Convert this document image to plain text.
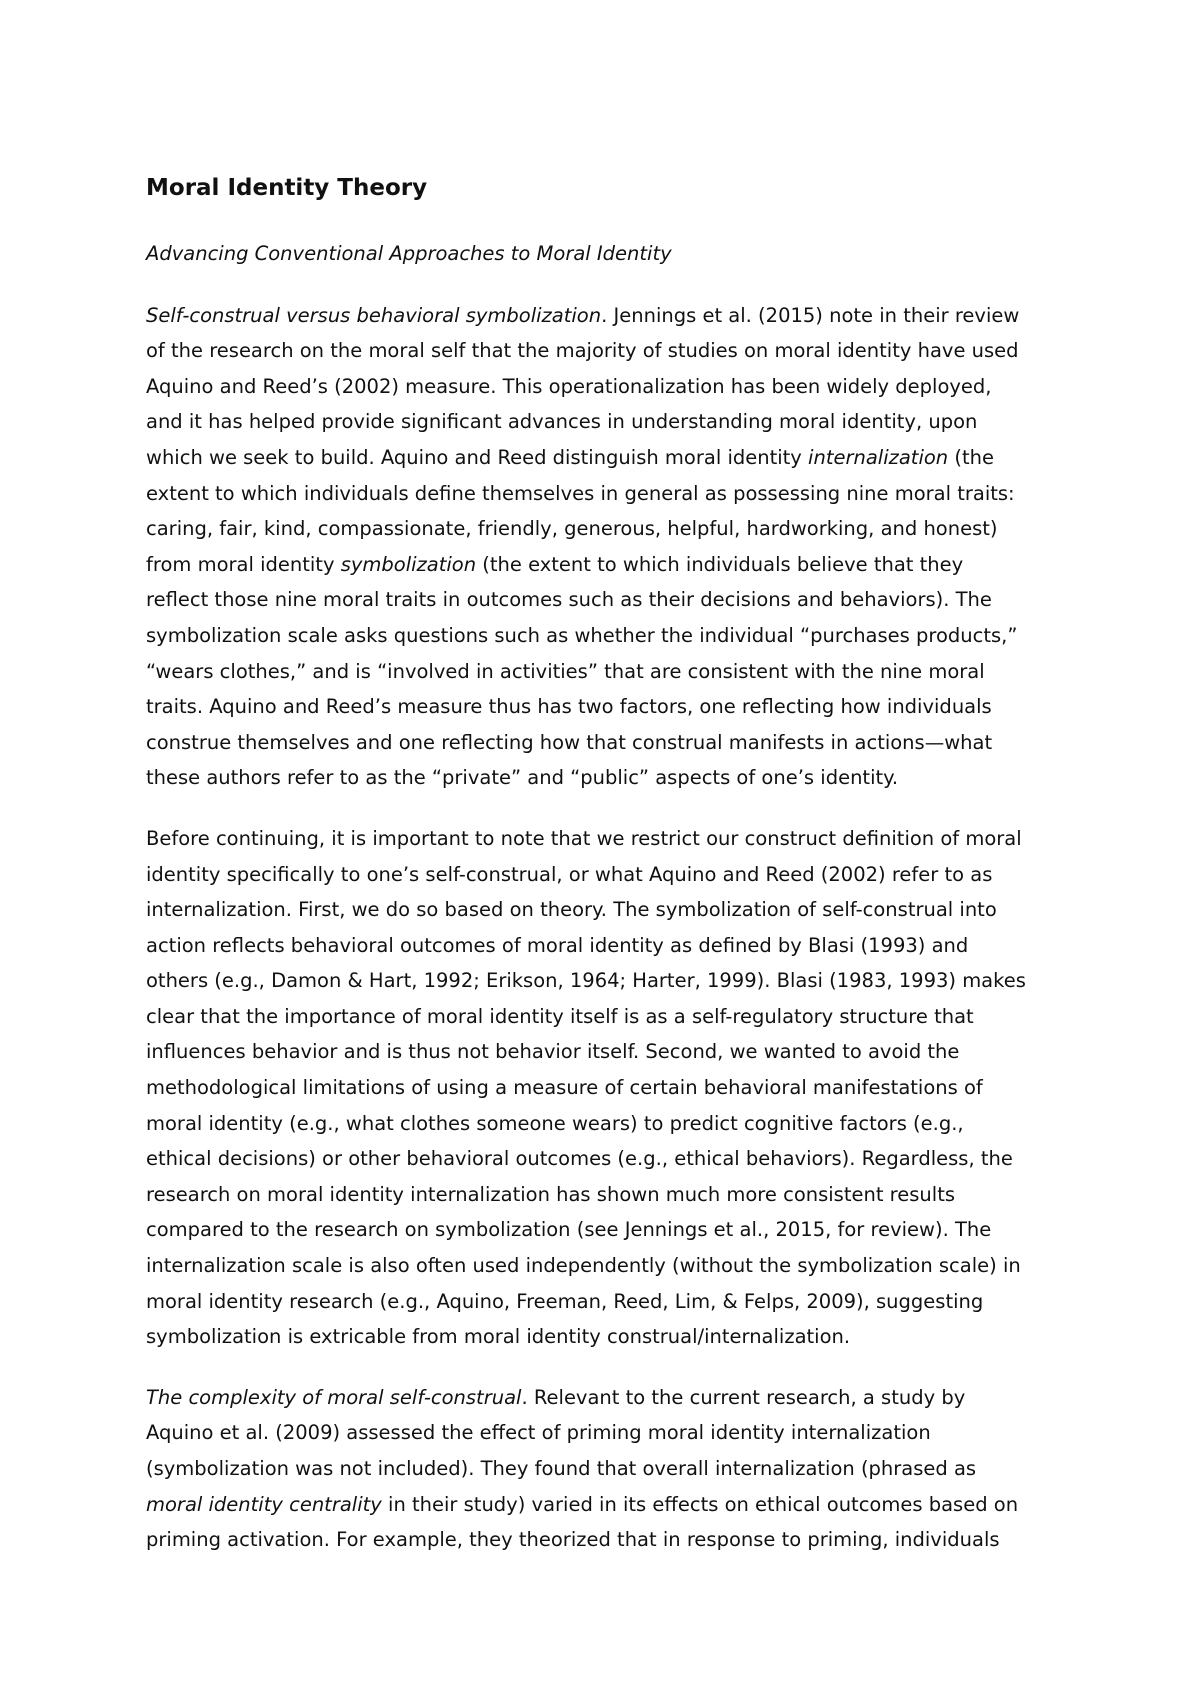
Moral Identity Theory
Advancing Conventional Approaches to Moral Identity
Self-construal versus behavioral symbolization. Jennings et al. (2015) note in their review
of the research on the moral self that the majority of studies on moral identity have used
Aquino and Reed’s (2002) measure. This operationalization has been widely deployed,
and it has helped provide significant advances in understanding moral identity, upon
which we seek to build. Aquino and Reed distinguish moral identity internalization (the
extent to which individuals define themselves in general as possessing nine moral traits:
caring, fair, kind, compassionate, friendly, generous, helpful, hardworking, and honest)
from moral identity symbolization (the extent to which individuals believe that they
reflect those nine moral traits in outcomes such as their decisions and behaviors). The
symbolization scale asks questions such as whether the individual “purchases products,”
“wears clothes,” and is “involved in activities” that are consistent with the nine moral
traits. Aquino and Reed’s measure thus has two factors, one reflecting how individuals
construe themselves and one reflecting how that construal manifests in actions—what
these authors refer to as the “private” and “public” aspects of one’s identity.
Before continuing, it is important to note that we restrict our construct definition of moral
identity specifically to one’s self-construal, or what Aquino and Reed (2002) refer to as
internalization. First, we do so based on theory. The symbolization of self-construal into
action reflects behavioral outcomes of moral identity as defined by Blasi (1993) and
others (e.g., Damon & Hart, 1992; Erikson, 1964; Harter, 1999). Blasi (1983, 1993) makes
clear that the importance of moral identity itself is as a self-regulatory structure that
influences behavior and is thus not behavior itself. Second, we wanted to avoid the
methodological limitations of using a measure of certain behavioral manifestations of
moral identity (e.g., what clothes someone wears) to predict cognitive factors (e.g.,
ethical decisions) or other behavioral outcomes (e.g., ethical behaviors). Regardless, the
research on moral identity internalization has shown much more consistent results
compared to the research on symbolization (see Jennings et al., 2015, for review). The
internalization scale is also often used independently (without the symbolization scale) in
moral identity research (e.g., Aquino, Freeman, Reed, Lim, & Felps, 2009), suggesting
symbolization is extricable from moral identity construal/internalization.
The complexity of moral self-construal. Relevant to the current research, a study by
Aquino et al. (2009) assessed the effect of priming moral identity internalization
(symbolization was not included). They found that overall internalization (phrased as
moral identity centrality in their study) varied in its effects on ethical outcomes based on
priming activation. For example, they theorized that in response to priming, individuals
